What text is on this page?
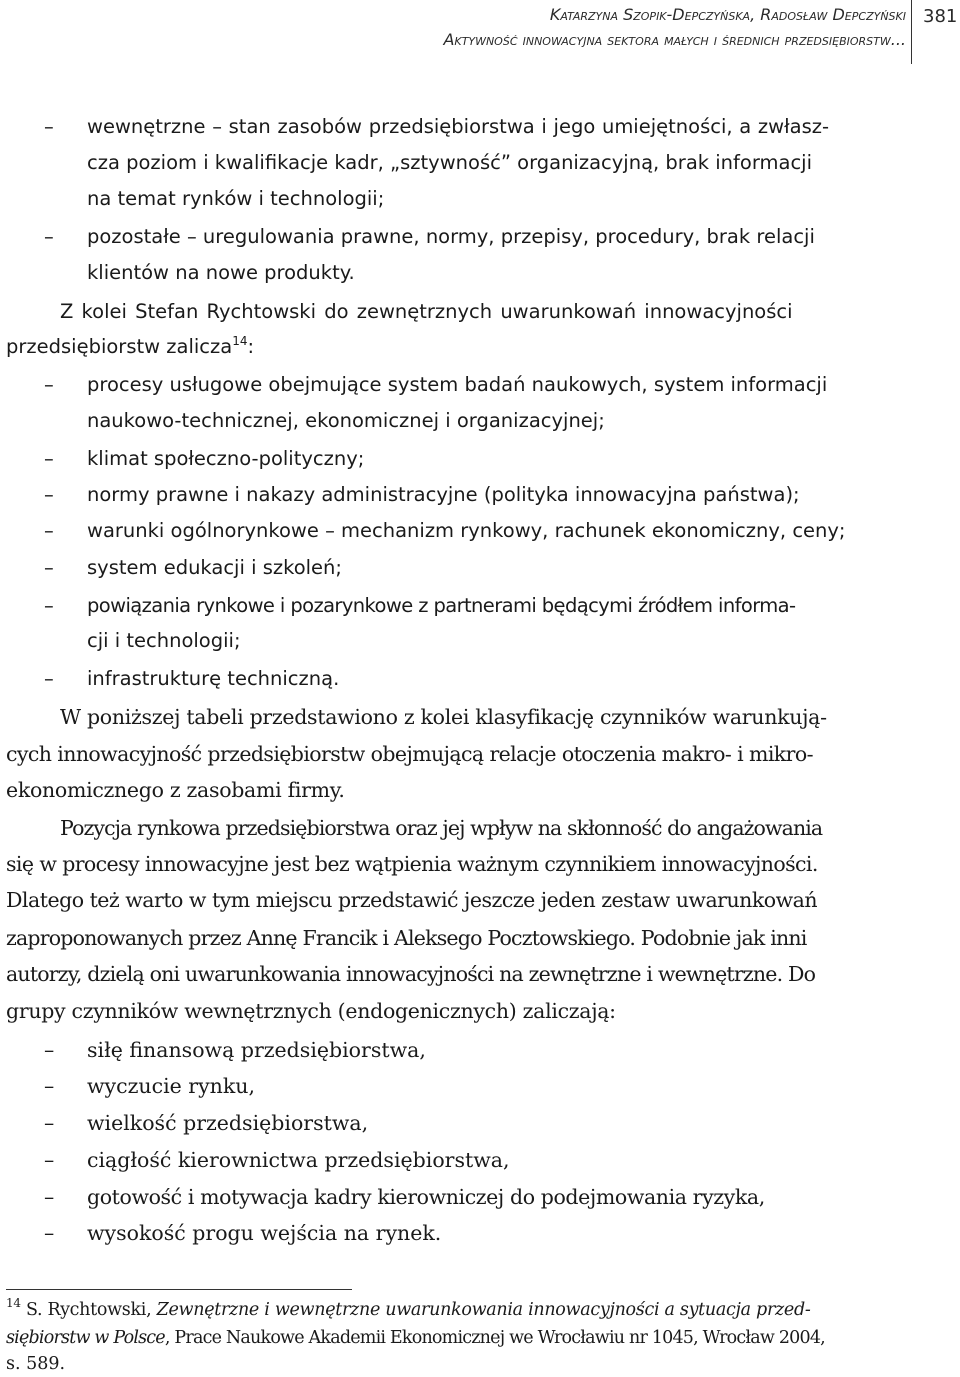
Katarzyna Szopik-Depczyńska, Radosław Depczyński
Aktywność innowacyjna sektora małych i średnich przedsiębiorstw...
381
– wewnętrzne – stan zasobów przedsiębiorstwa i jego umiejętności, a zwłasz-
cza poziom i kwalifikacje kadr, „sztywność” organizacyjną, brak informacji
na temat rynków i technologii;
– pozostałe – uregulowania prawne, normy, przepisy, procedury, brak relacji
klientów na nowe produkty.
Z kolei Stefan Rychtowski do zewnętrznych uwarunkowań innowacyjności
przedsiębiorstw zalicza$^{14}$:
– procesy usługowe obejmujące system badań naukowych, system informacji
naukowo-technicznej, ekonomicznej i organizacyjnej;
– klimat społeczno-polityczny;
– normy prawne i nakazy administracyjne (polityka innowacyjna państwa);
– warunki ogólnorynkowe – mechanizm rynkowy, rachunek ekonomiczny, ceny;
– system edukacji i szkoleń;
– powiązania rynkowe i pozarynkowe z partnerami będącymi źródłem informa-
cji i technologii;
– infrastrukturę techniczną.
W poniższej tabeli przedstawiono z kolei klasyfikację czynników warunkują-
cych innowacyjność przedsiębiorstw obejmującą relacje otoczenia makro- i mikro-
ekonomicznego z zasobami firmy.
Pozycja rynkowa przedsiębiorstwa oraz jej wpływ na skłonność do angażowania
się w procesy innowacyjne jest bez wątpienia ważnym czynnikiem innowacyjności.
Dlatego też warto w tym miejscu przedstawić jeszcze jeden zestaw uwarunkowań
zaproponowanych przez Annę Francik i Aleksego Pocztowskiego. Podobnie jak inni
autorzy, dzielą oni uwarunkowania innowacyjności na zewnętrzne i wewnętrzne. Do
grupy czynników wewnętrznych (endogenicznych) zaliczają:
– siłę finansową przedsiębiorstwa,
– wyczucie rynku,
– wielkość przedsiębiorstwa,
– ciągłość kierownictwa przedsiębiorstwa,
– gotowość i motywacja kadry kierowniczej do podejmowania ryzyka,
– wysokość progu wejścia na rynek.
$^{14}$ S. Rychtowski, Zewnętrzne i wewnętrzne uwarunkowania innowacyjności a sytuacja przed-
siębiorstw w Polsce, Prace Naukowe Akademii Ekonomicznej we Wrocławiu nr 1045, Wrocław 2004,
s. 589.
